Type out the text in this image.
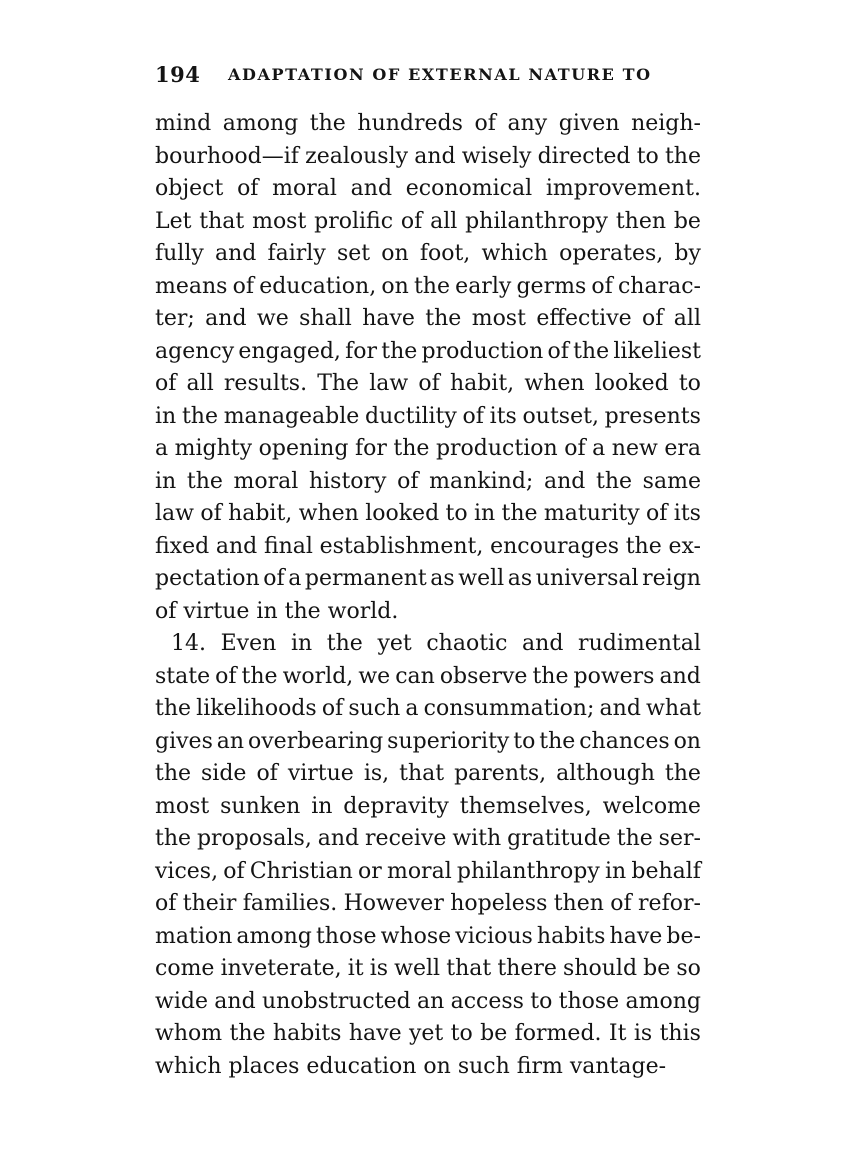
194 ADAPTATION OF EXTERNAL NATURE TO
mind among the hundreds of any given neigh-
bourhood—if zealously and wisely directed to the
object of moral and economical improvement.
Let that most prolific of all philanthropy then be
fully and fairly set on foot, which operates, by
means of education, on the early germs of charac-
ter; and we shall have the most effective of all
agency engaged, for the production of the likeliest
of all results. The law of habit, when looked to
in the manageable ductility of its outset, presents
a mighty opening for the production of a new era
in the moral history of mankind; and the same
law of habit, when looked to in the maturity of its
fixed and final establishment, encourages the ex-
pectation of a permanent as well as universal reign
of virtue in the world.
14. Even in the yet chaotic and rudimental
state of the world, we can observe the powers and
the likelihoods of such a consummation; and what
gives an overbearing superiority to the chances on
the side of virtue is, that parents, although the
most sunken in depravity themselves, welcome
the proposals, and receive with gratitude the ser-
vices, of Christian or moral philanthropy in behalf
of their families. However hopeless then of refor-
mation among those whose vicious habits have be-
come inveterate, it is well that there should be so
wide and unobstructed an access to those among
whom the habits have yet to be formed. It is this
which places education on such firm vantage-
